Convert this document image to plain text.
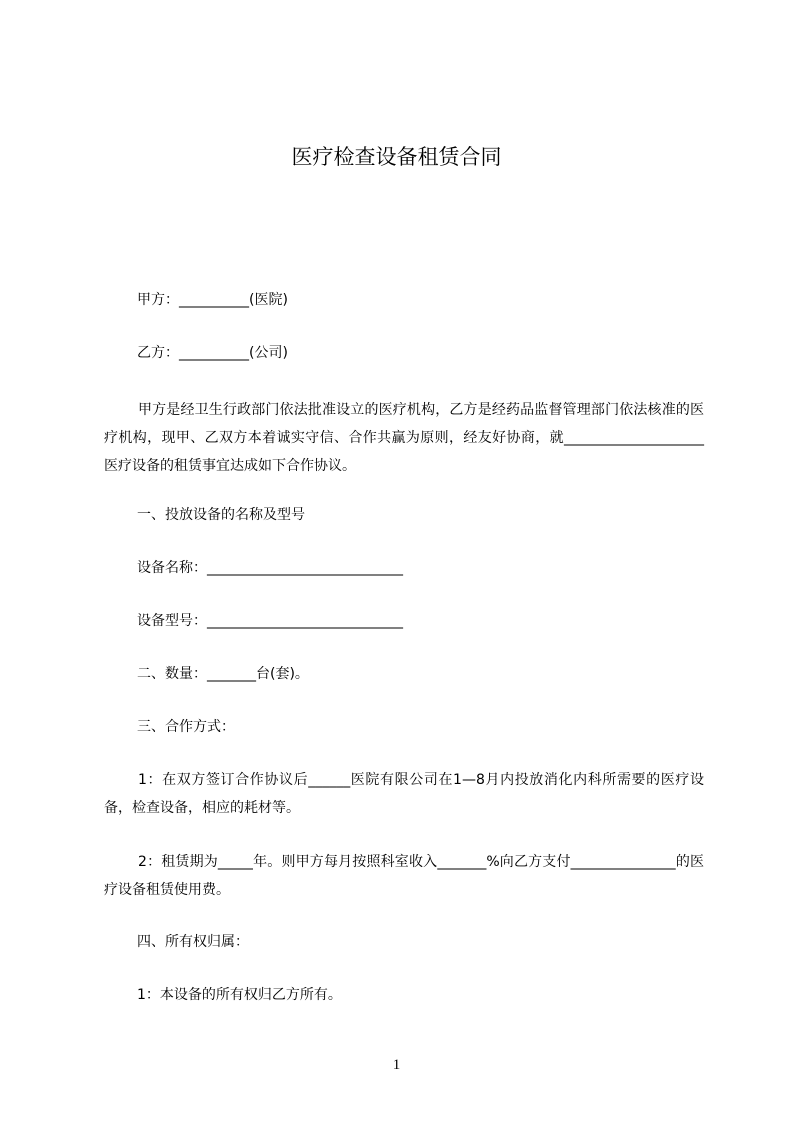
医疗检查设备租赁合同
甲方：__________(医院)
乙方：__________(公司)
甲方是经卫生行政部门依法批准设立的医疗机构，乙方是经药品监督管理部门依法核准的医疗机构，现甲、乙双方本着诚实守信、合作共赢为原则，经友好协商，就____________________医疗设备的租赁事宜达成如下合作协议。
一、投放设备的名称及型号
设备名称：____________________________
设备型号：____________________________
二、数量：_______台(套)。
三、合作方式：
1：在双方签订合作协议后______医院有限公司在1—8月内投放消化内科所需要的医疗设备，检查设备，相应的耗材等。
2：租赁期为_____年。则甲方每月按照科室收入_______%向乙方支付_______________的医疗设备租赁使用费。
四、所有权归属：
1：本设备的所有权归乙方所有。
1
